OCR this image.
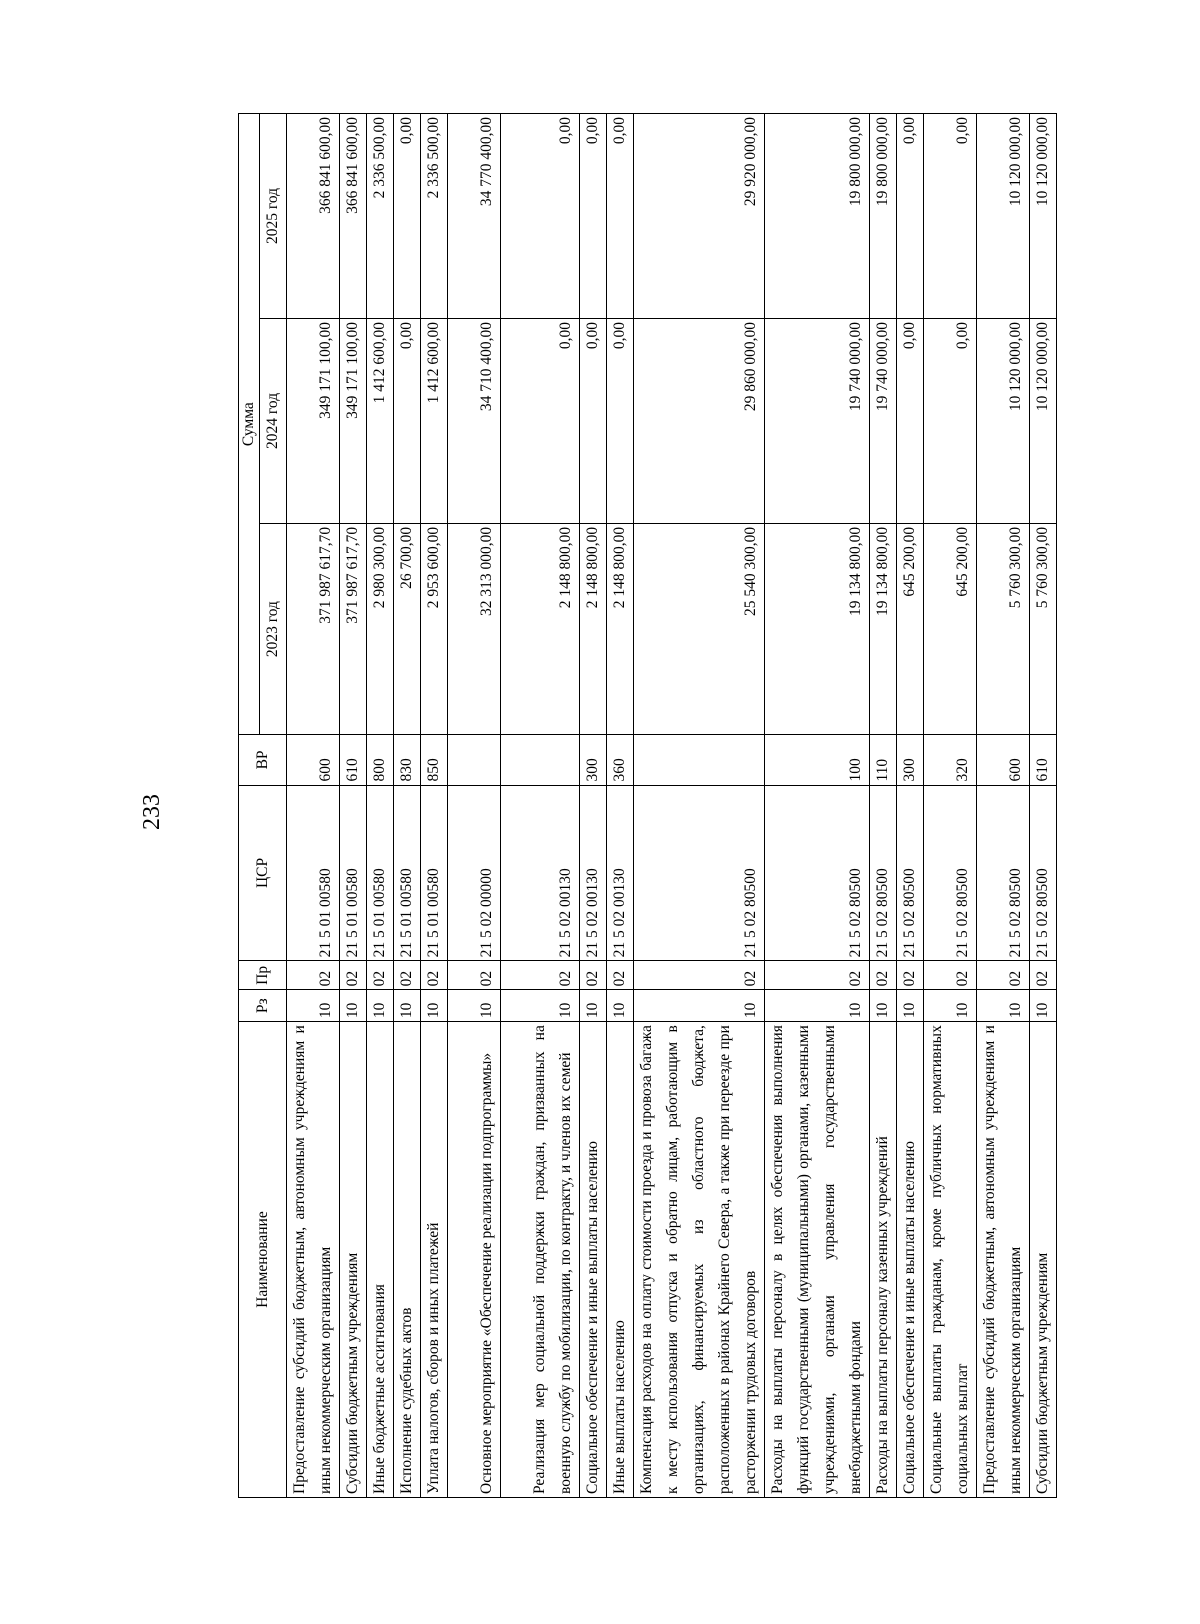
233
Наименование	Рз	Пр	ЦСР	ВР	Сумма		
					2023 год	2024 год	2025 год
Предоставление субсидий бюджетным, автономным учреждениям и иным некоммерческим организациям	10	02	21 5 01 00580	600	371 987 617,70	349 171 100,00	366 841 600,00
Субсидии бюджетным учреждениям	10	02	21 5 01 00580	610	371 987 617,70	349 171 100,00	366 841 600,00
Иные бюджетные ассигнования	10	02	21 5 01 00580	800	2 980 300,00	1 412 600,00	2 336 500,00
Исполнение судебных актов	10	02	21 5 01 00580	830	26 700,00	0,00	0,00
Уплата налогов, сборов и иных платежей	10	02	21 5 01 00580	850	2 953 600,00	1 412 600,00	2 336 500,00
Основное мероприятие «Обеспечение реализации подпрограммы»	10	02	21 5 02 00000		32 313 000,00	34 710 400,00	34 770 400,00
Реализация мер социальной поддержки граждан, призванных на военную службу по мобилизации, по контракту, и членов их семей	10	02	21 5 02 00130		2 148 800,00	0,00	0,00
Социальное обеспечение и иные выплаты населению	10	02	21 5 02 00130	300	2 148 800,00	0,00	0,00
Иные выплаты населению	10	02	21 5 02 00130	360	2 148 800,00	0,00	0,00
Компенсация расходов на оплату стоимости проезда и провоза багажа к месту использования отпуска и обратно лицам, работающим в организациях, финансируемых из областного бюджета, расположенных в районах Крайнего Севера, а также при переезде при расторжении трудовых договоров	10	02	21 5 02 80500		25 540 300,00	29 860 000,00	29 920 000,00
Расходы на выплаты персоналу в целях обеспечения выполнения функций государственными (муниципальными) органами, казенными учреждениями, органами управления государственными внебюджетными фондами	10	02	21 5 02 80500	100	19 134 800,00	19 740 000,00	19 800 000,00
Расходы на выплаты персоналу казенных учреждений	10	02	21 5 02 80500	110	19 134 800,00	19 740 000,00	19 800 000,00
Социальное обеспечение и иные выплаты населению	10	02	21 5 02 80500	300	645 200,00	0,00	0,00
Социальные выплаты гражданам, кроме публичных нормативных социальных выплат	10	02	21 5 02 80500	320	645 200,00	0,00	0,00
Предоставление субсидий бюджетным, автономным учреждениям и иным некоммерческим организациям	10	02	21 5 02 80500	600	5 760 300,00	10 120 000,00	10 120 000,00
Субсидии бюджетным учреждениям	10	02	21 5 02 80500	610	5 760 300,00	10 120 000,00	10 120 000,00
